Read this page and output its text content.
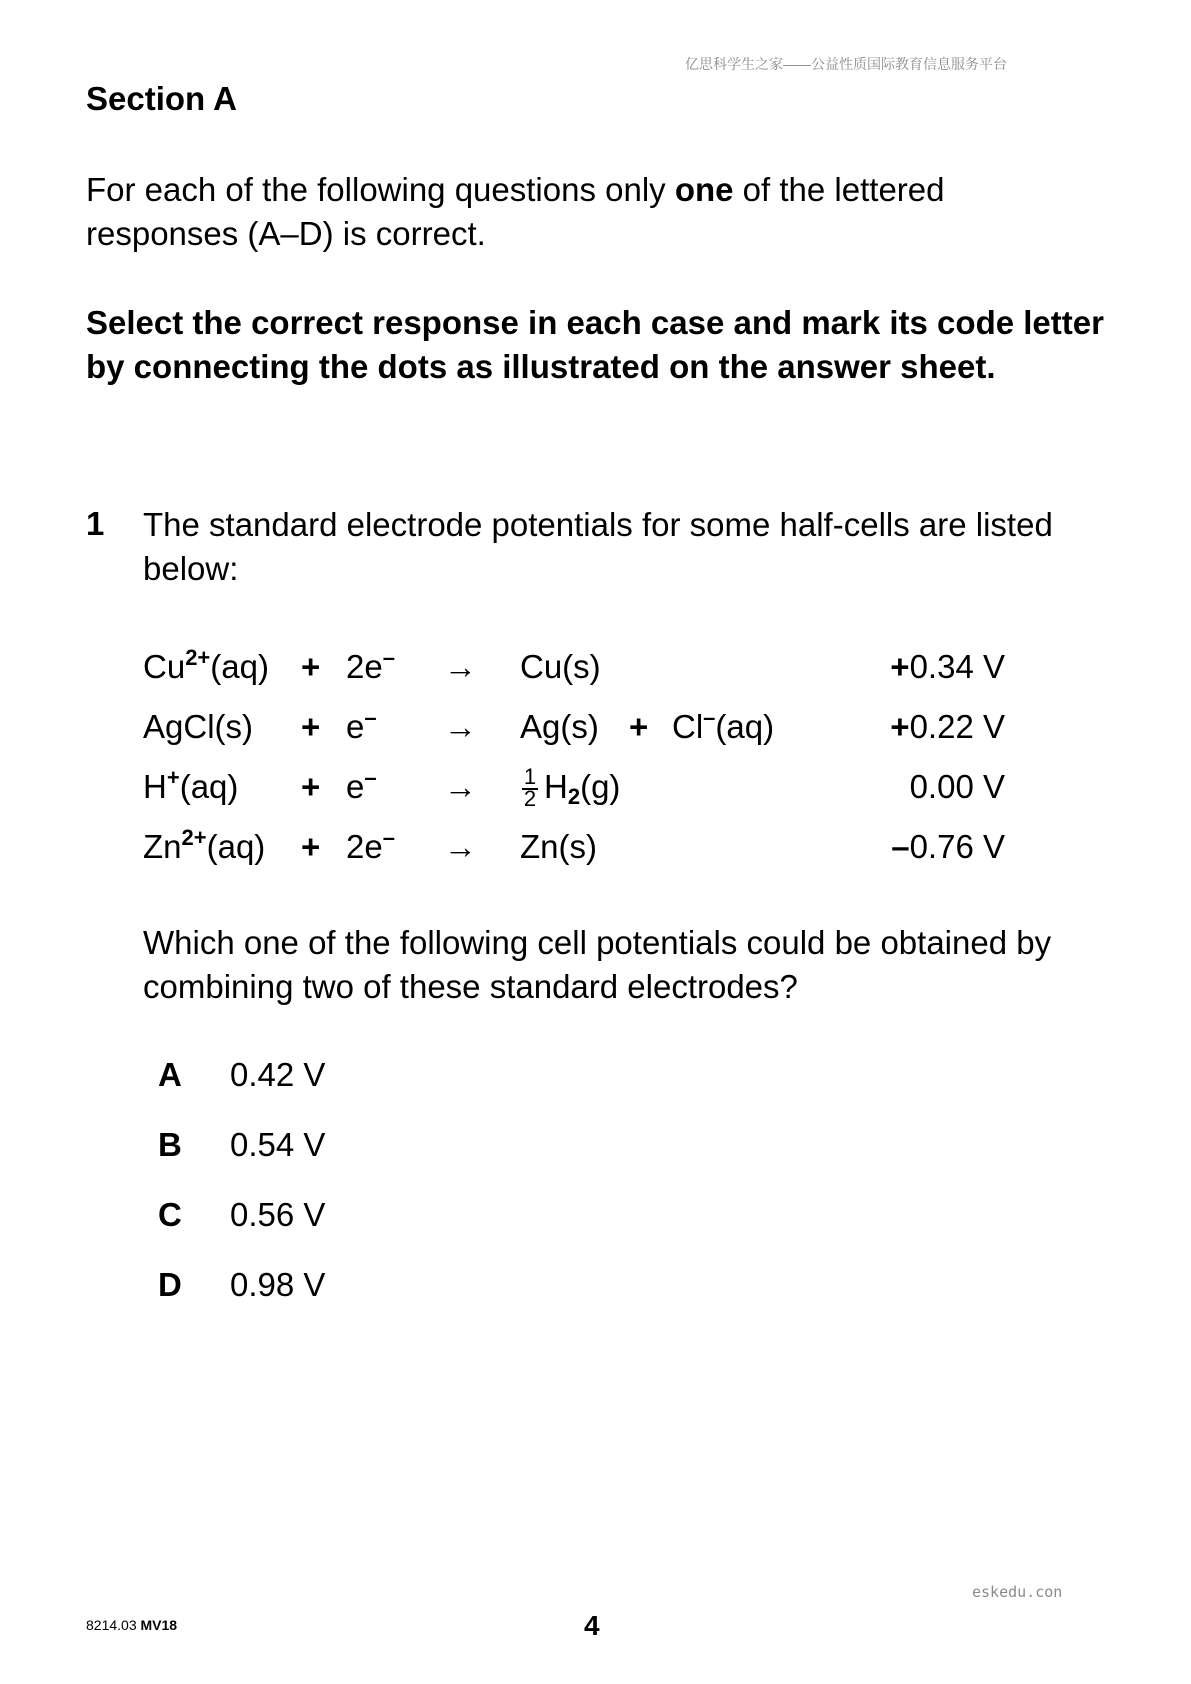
亿思科学生之家——公益性质国际教育信息服务平台
Section A
For each of the following questions only one of the lettered responses (A–D) is correct.
Select the correct response in each case and mark its code letter by connecting the dots as illustrated on the answer sheet.
1 The standard electrode potentials for some half-cells are listed below:
$Cu^{2+}(aq) + 2e^- \to Cu(s)$	+0.34 V
AgCl(s) + e– → Ag(s) + Cl–(aq)	+0.22 V
$H^+(aq) + e^- \to \frac{1}{2} H_2(g)$	0.00 V
$Zn^{2+}(aq) + 2e^- \to Zn(s)$	–0.76 V
Which one of the following cell potentials could be obtained by combining two of these standard electrodes?
A 0.42 V
B 0.54 V
C 0.56 V
D 0.98 V
eskedu.con
8214.03 MV18	4
